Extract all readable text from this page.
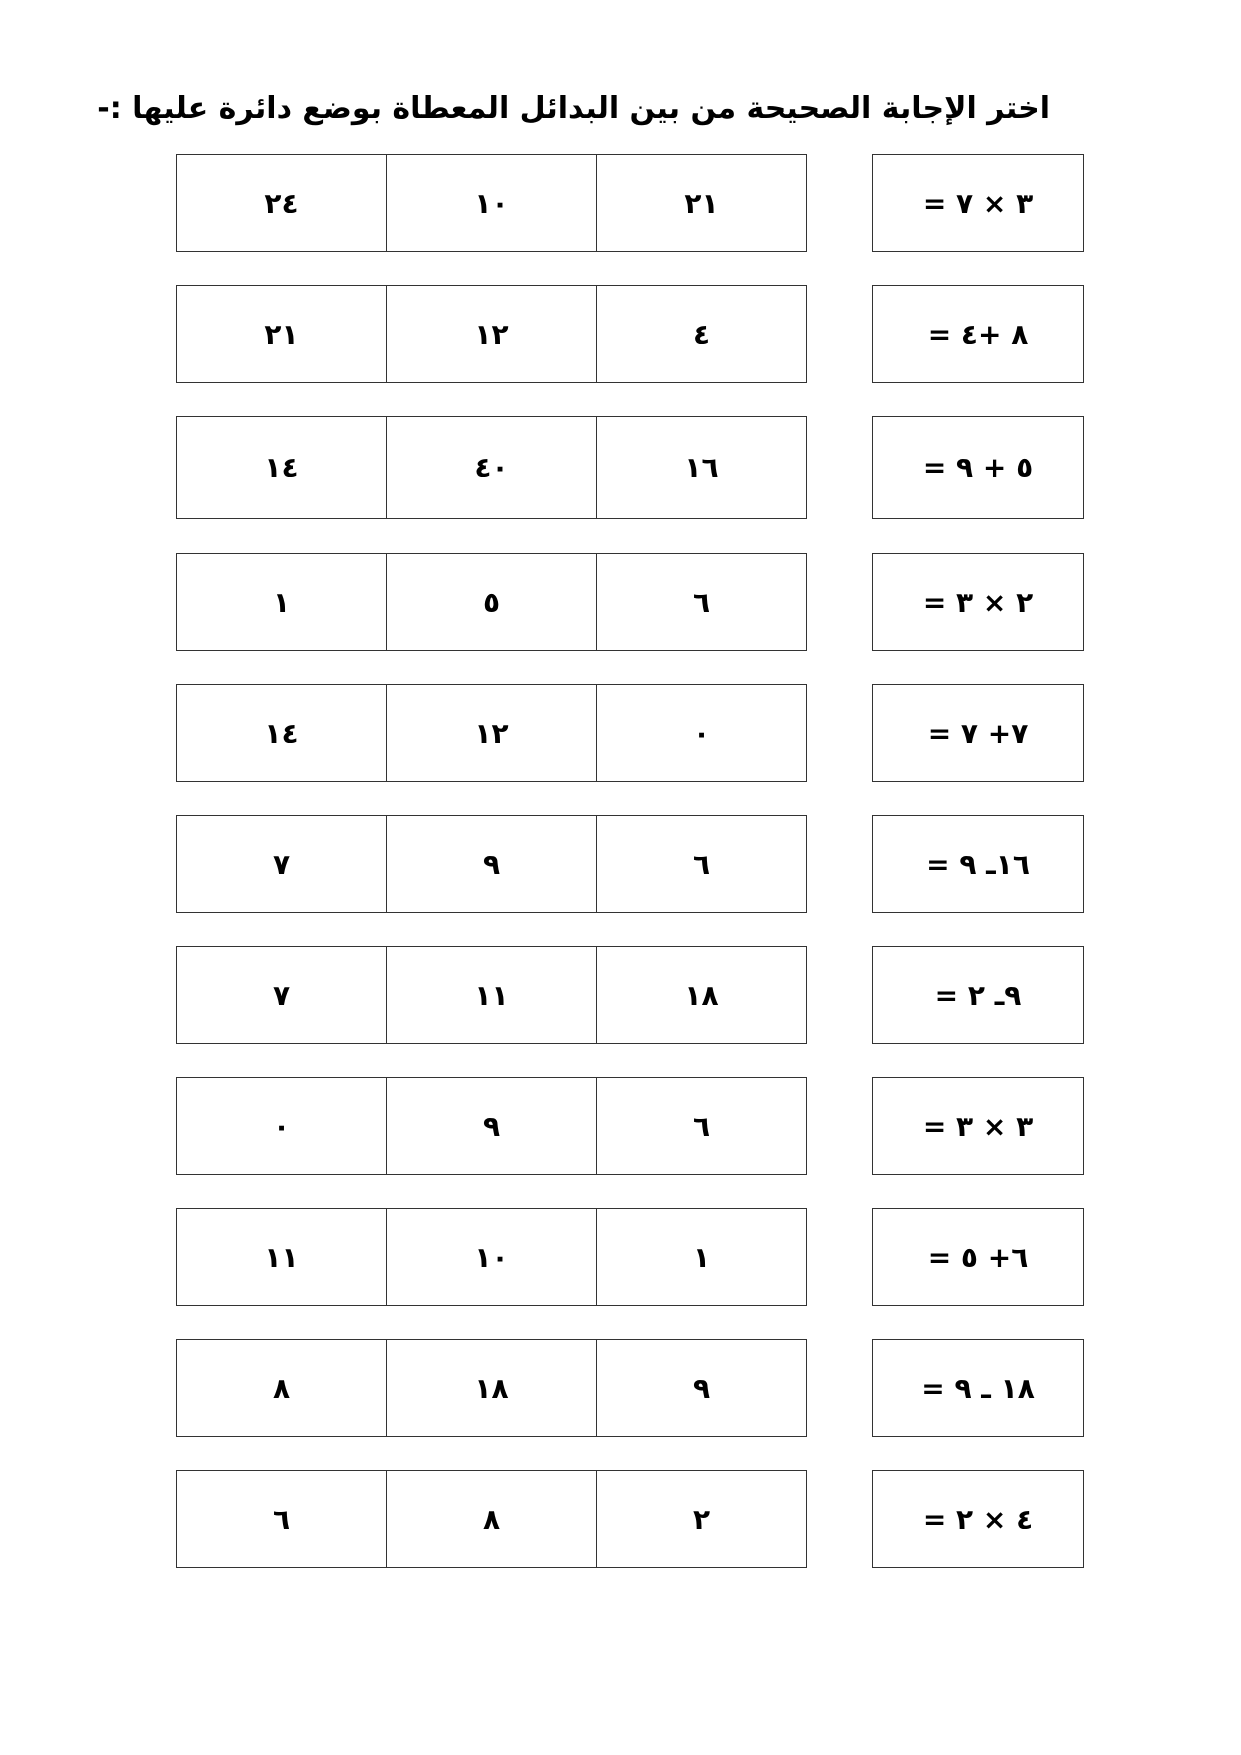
اختر الإجابة الصحيحة من بين البدائل المعطاة بوضع دائرة عليها :-
٢٤	١٠	٢١	٣ × ٧ =
٢١	١٢	٤	٨ +٤ =
١٤	٤٠	١٦	٥ + ٩ =
١	٥	٦	٢ × ٣ =
١٤	١٢	٠	٧+ ٧ =
٧	٩	٦	١٦ـ ٩ =
٧	١١	١٨	٩ـ ٢ =
٠	٩	٦	٣ × ٣ =
١١	١٠	١	٦+ ٥ =
٨	١٨	٩	١٨ ـ ٩ =
٦	٨	٢	٤ × ٢ =
